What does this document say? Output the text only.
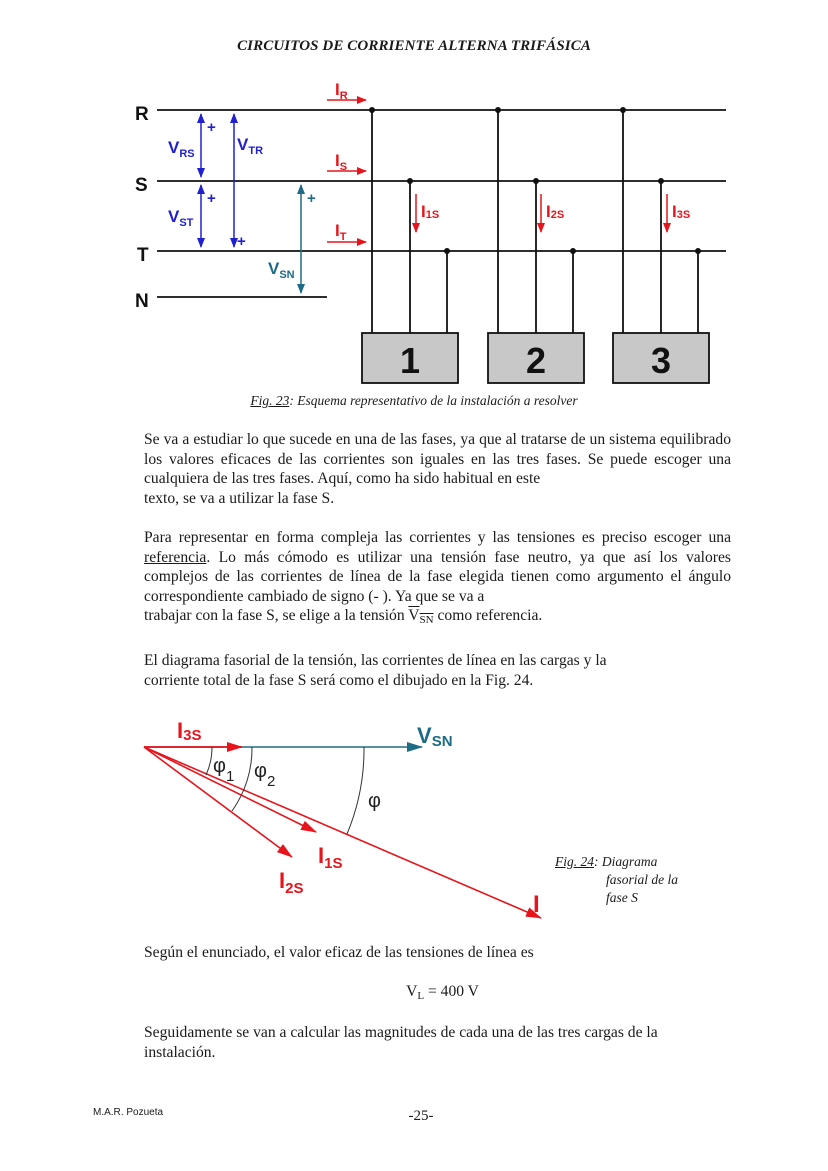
CIRCUITOS DE CORRIENTE ALTERNA TRIFÁSICA
R
S
T
N
1	2	3
$V_{RS}$ $V_{TR}$
$V_{ST}$
+
+
+
$V_{SN}$
+
$I_R$
$I_S$
$I_T$
I1S	I2S	I3S
Fig. 23: Esquema representativo de la instalación a resolver
Se va a estudiar lo que sucede en una de las fases, ya que al tratarse de un sistema equilibrado los valores eficaces de las corrientes son iguales en las tres fases. Se puede escoger una cualquiera de las tres fases. Aquí, como ha sido habitual en este
texto, se va a utilizar la fase S.
Para representar en forma compleja las corrientes y las tensiones es preciso escoger una referencia. Lo más cómodo es utilizar una tensión fase neutro, ya que así los valores complejos de las corrientes de línea de la fase elegida tienen como argumento el ángulo correspondiente cambiado de signo (- ). Ya que se va a
trabajar con la fase S, se elige a la tensión $\overline{V}_{\overline{SN}}$ como referencia.
El diagrama fasorial de la tensión, las corrientes de línea en las cargas y la
corriente total de la fase S será como el dibujado en la Fig. 24.
I3S
$I_{1S}$
$I_{2S}$
I
VSN
$\varphi_1$ $\varphi_2$
φ
Fig. 24: Diagrama
fasorial de la
fase S
Según el enunciado, el valor eficaz de las tensiones de línea es
$V_L = 400$ V
Seguidamente se van a calcular las magnitudes de cada una de las tres cargas de la
instalación.
M.A.R. Pozueta	-25-
